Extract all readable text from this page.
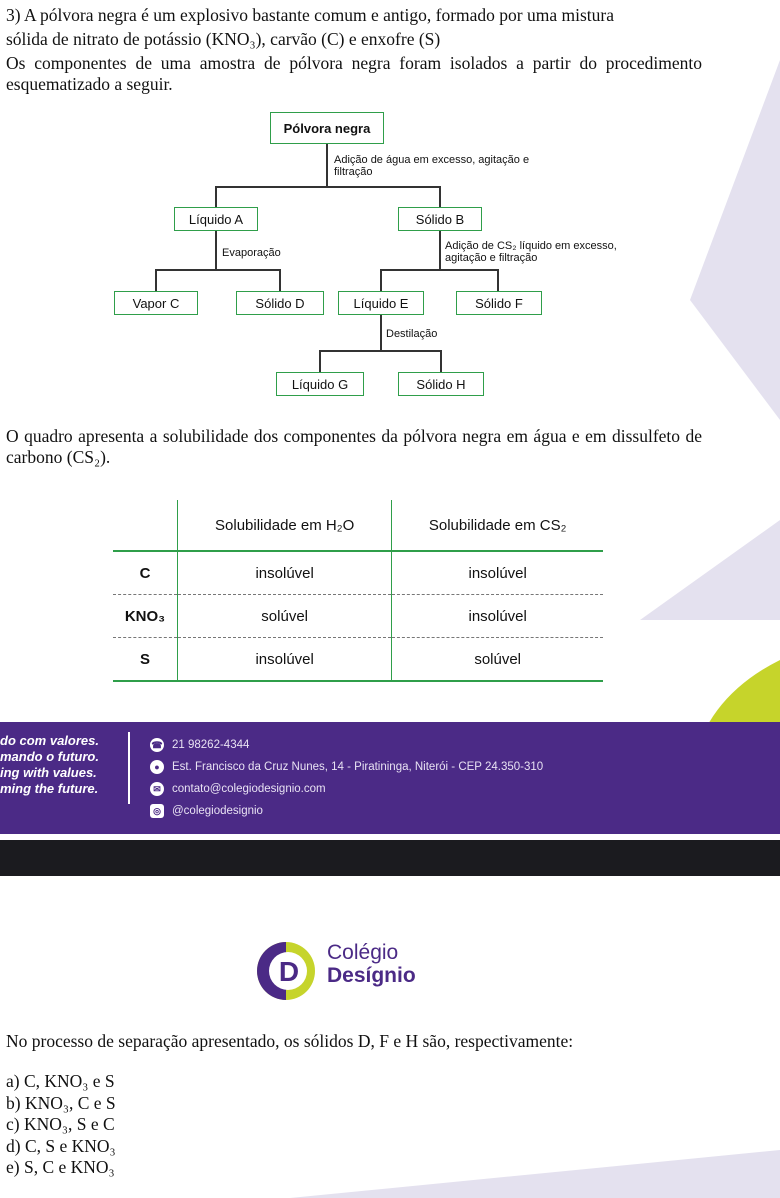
3) A pólvora negra é um explosivo bastante comum e antigo, formado por uma mistura

sólida de nitrato de potássio (KNO₃), carvão (C) e enxofre (S)

Os componentes de uma amostra de pólvora negra foram isolados a partir do procedimento esquematizado a seguir.

Pólvora negra
Adição de água em excesso, agitação e filtração
Líquido A	Sólido B
Evaporação
Adição de CS₂ líquido em excesso, agitação e filtração
Vapor C	Sólido D	Líquido E	Sólido F
Destilação
Líquido G	Sólido H

O quadro apresenta a solubilidade dos componentes da pólvora negra em água e em dissulfeto de carbono (CS₂).

	Solubilidade em H₂O	Solubilidade em CS₂
C	insolúvel	insolúvel
KNO₃	solúvel	insolúvel
S	insolúvel	solúvel
do com valores.
mando o futuro.
ing with values.
ming the future.
☎ 21 98262-4344
●	Est. Francisco da Cruz Nunes, 14 - Piratininga, Niterói - CEP 24.350-310
✉ contato@colegiodesignio.com
◎ @colegiodesignio
D
Colégio
Desígnio

No processo de separação apresentado, os sólidos D, F e H são, respectivamente:

a) C, KNO₃ e S
b) KNO₃, C e S
c) KNO₃, S e C
d) C, S e KNO₃
e) S, C e KNO₃
